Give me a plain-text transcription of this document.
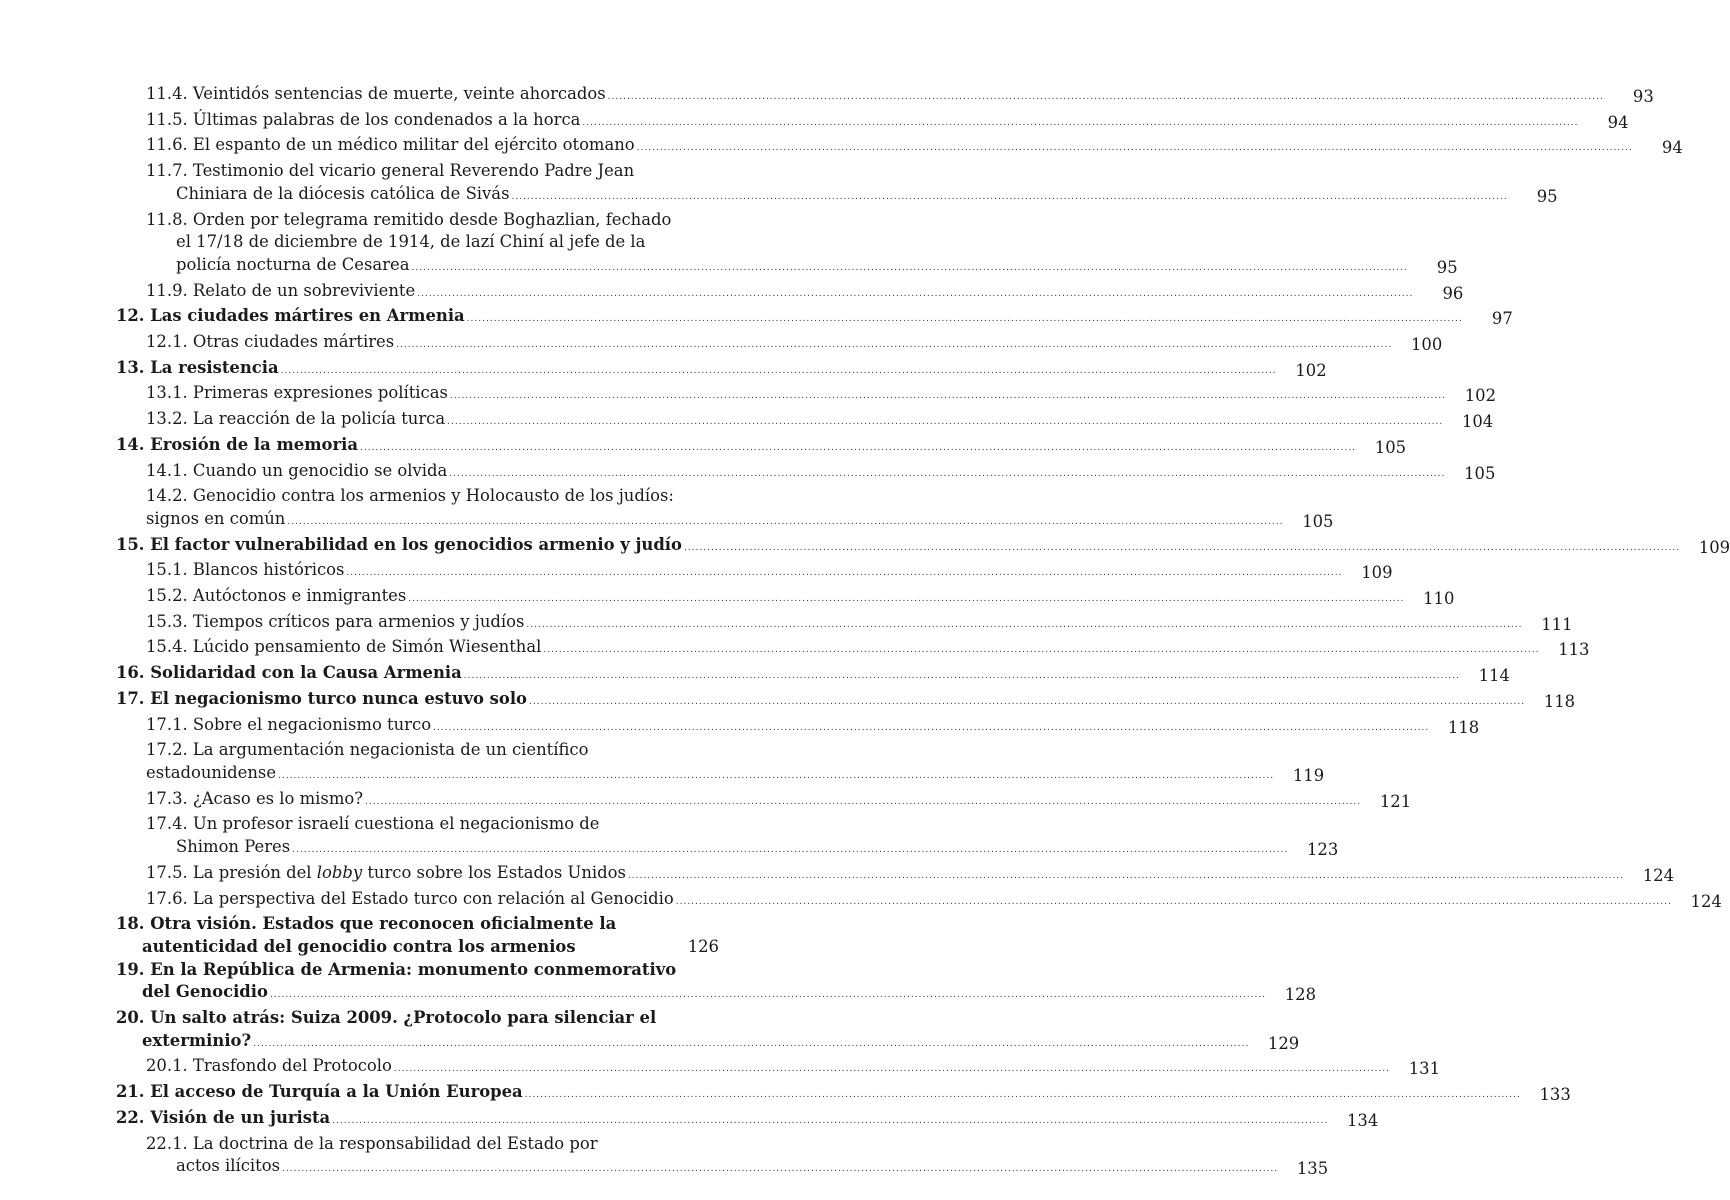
11.4. Veintidós sentencias de muerte, veinte ahorcados .....	93
11.5. Últimas palabras de los condenados a la horca .....	94
11.6. El espanto de un médico militar del ejército otomano .....	94
11.7. Testimonio del vicario general Reverendo Padre Jean
Chiniara de la diócesis católica de Sivás .....	95
11.8. Orden por telegrama remitido desde Boghazlian, fechado
el 17/18 de diciembre de 1914, de lazí Chiní al jefe de la
policía nocturna de Cesarea .....	95
11.9. Relato de un sobreviviente .....	96
12. Las ciudades mártires en Armenia .....	97
12.1. Otras ciudades mártires .....	100
13. La resistencia .....	102
13.1. Primeras expresiones políticas .....	102
13.2. La reacción de la policía turca .....	104
14. Erosión de la memoria .....	105
14.1. Cuando un genocidio se olvida .....	105
14.2. Genocidio contra los armenios y Holocausto de los judíos:
signos en común .....	105
15. El factor vulnerabilidad en los genocidios armenio y judío .....	109
15.1. Blancos históricos .....	109
15.2. Autóctonos e inmigrantes .....	110
15.3. Tiempos críticos para armenios y judíos .....	111
15.4. Lúcido pensamiento de Simón Wiesenthal .....	113
16. Solidaridad con la Causa Armenia .....	114
17. El negacionismo turco nunca estuvo solo .....	118
17.1. Sobre el negacionismo turco .....	118
17.2. La argumentación negacionista de un científico
estadounidense .....	119
17.3. ¿Acaso es lo mismo? .....	121
17.4. Un profesor israelí cuestiona el negacionismo de
Shimon Peres .....	123
17.5. La presión del lobby turco sobre los Estados Unidos .....	124
17.6. La perspectiva del Estado turco con relación al Genocidio .....	124
18. Otra visión. Estados que reconocen oficialmente la
autenticidad del genocidio contra los armenios	126
19. En la República de Armenia: monumento conmemorativo
del Genocidio .....	128
20. Un salto atrás: Suiza 2009. ¿Protocolo para silenciar el
exterminio? .....	129
20.1. Trasfondo del Protocolo .....	131
21. El acceso de Turquía a la Unión Europea .....	133
22. Visión de un jurista .....	134
22.1. La doctrina de la responsabilidad del Estado por
actos ilícitos .....	135
